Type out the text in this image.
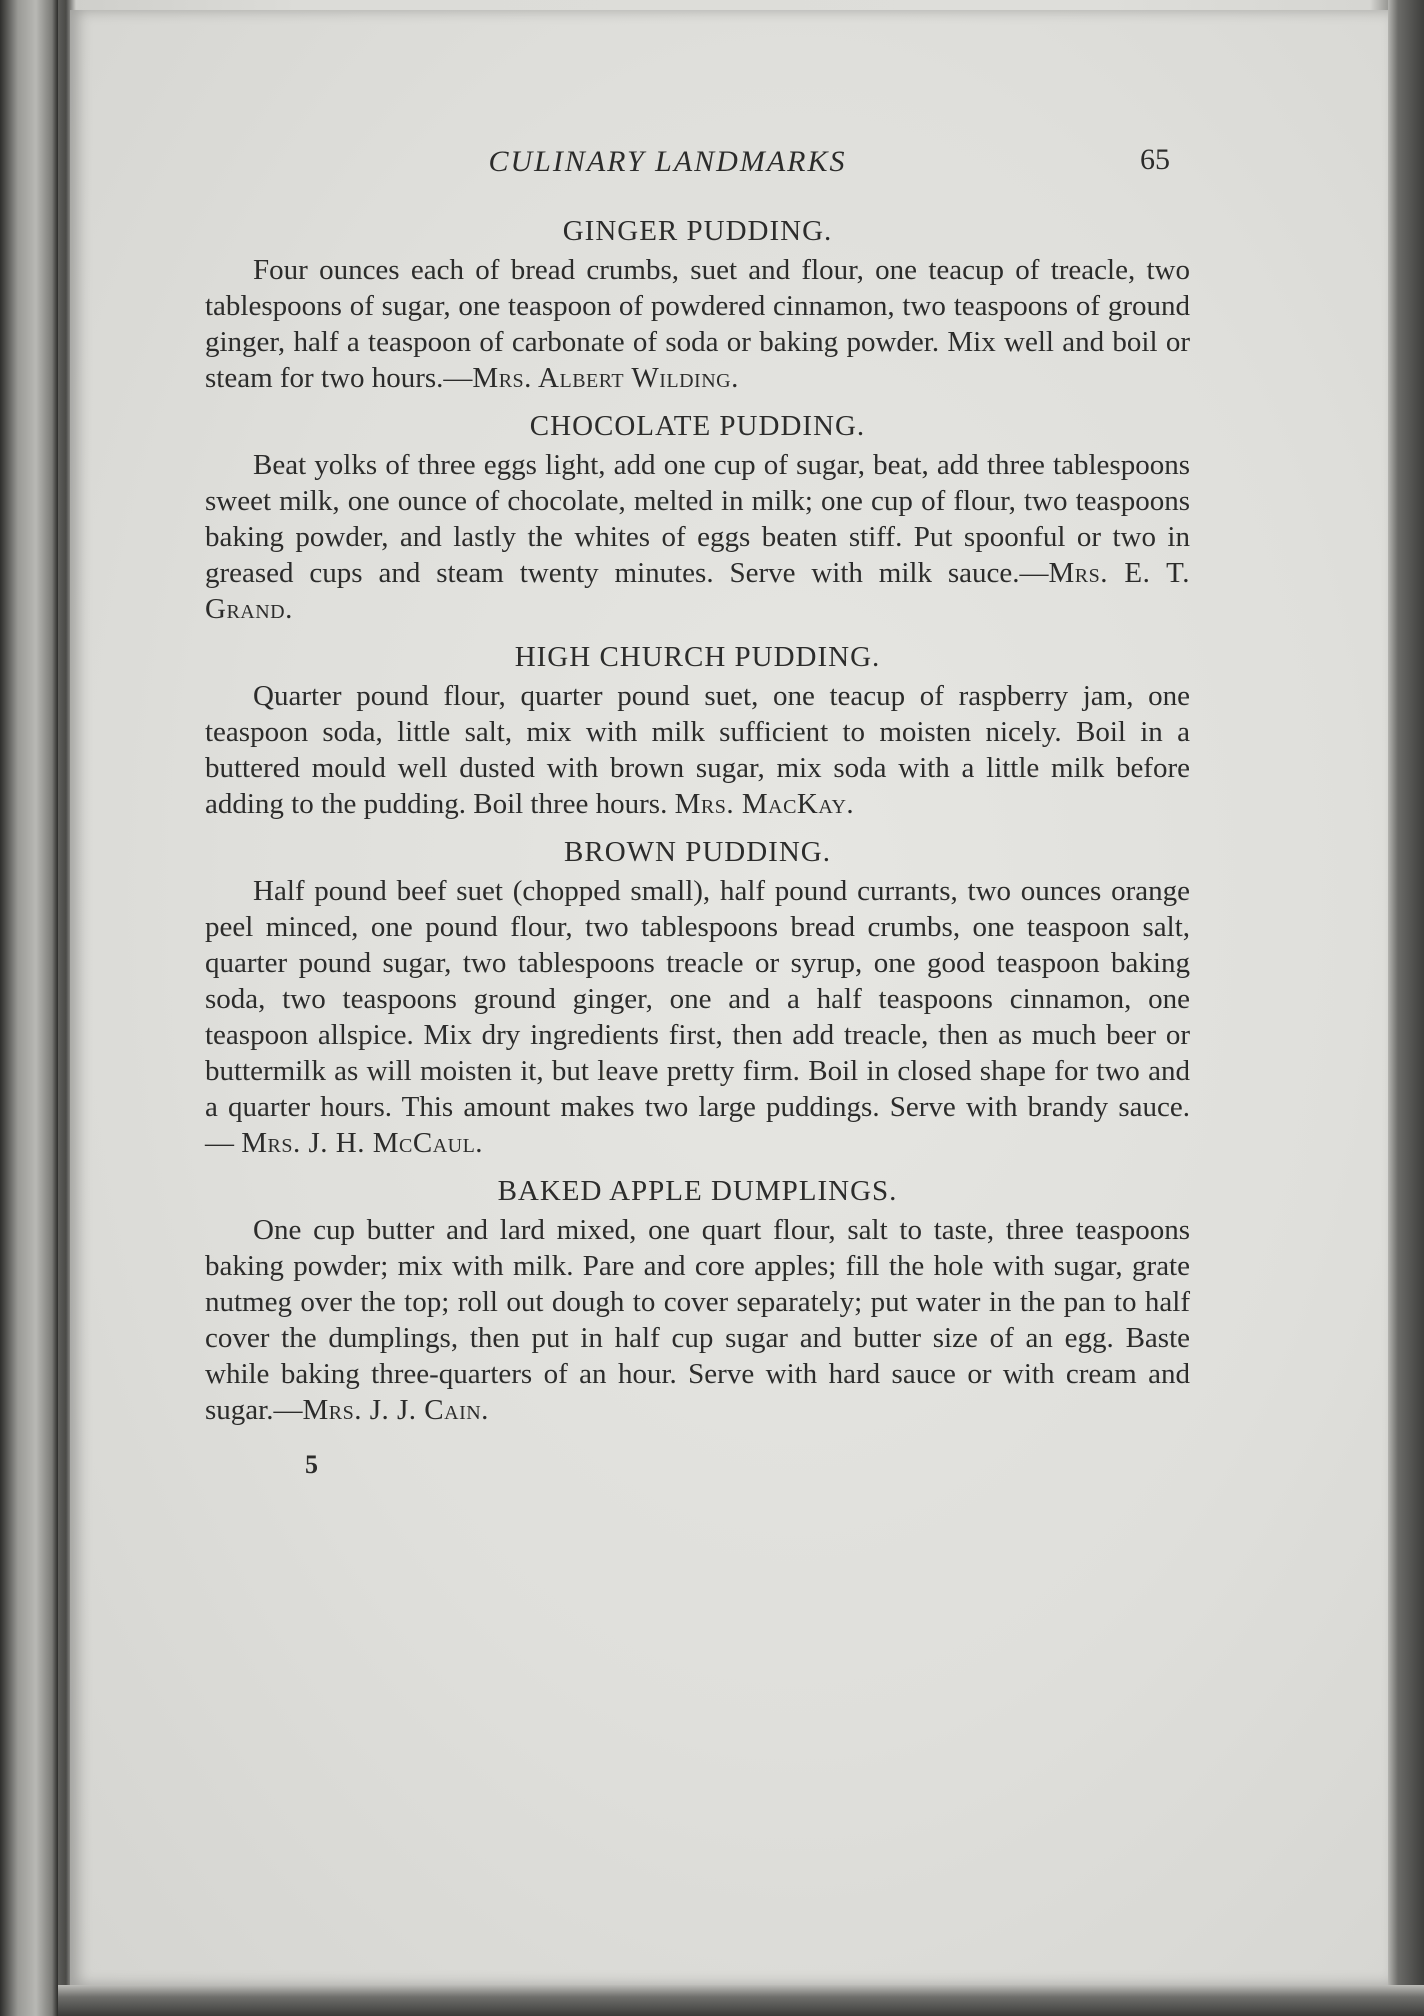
CULINARY LANDMARKS	65
GINGER PUDDING.

Four ounces each of bread crumbs, suet and flour, one teacup of treacle, two tablespoons of sugar, one teaspoon of powdered cinnamon, two teaspoons of ground ginger, half a teaspoon of carbonate of soda or baking powder. Mix well and boil or steam for two hours.—Mrs. Albert Wilding.

CHOCOLATE PUDDING.

Beat yolks of three eggs light, add one cup of sugar, beat, add three tablespoons sweet milk, one ounce of chocolate, melted in milk; one cup of flour, two teaspoons baking powder, and lastly the whites of eggs beaten stiff. Put spoonful or two in greased cups and steam twenty minutes. Serve with milk sauce.—Mrs. E. T. Grand.

HIGH CHURCH PUDDING.

Quarter pound flour, quarter pound suet, one teacup of raspberry jam, one teaspoon soda, little salt, mix with milk sufficient to moisten nicely. Boil in a buttered mould well dusted with brown sugar, mix soda with a little milk before adding to the pudding. Boil three hours. Mrs. MacKay.

BROWN PUDDING.

Half pound beef suet (chopped small), half pound currants, two ounces orange peel minced, one pound flour, two tablespoons bread crumbs, one teaspoon salt, quarter pound sugar, two tablespoons treacle or syrup, one good teaspoon baking soda, two teaspoons ground ginger, one and a half teaspoons cinnamon, one teaspoon allspice. Mix dry ingredients first, then add treacle, then as much beer or buttermilk as will moisten it, but leave pretty firm. Boil in closed shape for two and a quarter hours. This amount makes two large puddings. Serve with brandy sauce. — Mrs. J. H. McCaul.

BAKED APPLE DUMPLINGS.

One cup butter and lard mixed, one quart flour, salt to taste, three teaspoons baking powder; mix with milk. Pare and core apples; fill the hole with sugar, grate nutmeg over the top; roll out dough to cover separately; put water in the pan to half cover the dumplings, then put in half cup sugar and butter size of an egg. Baste while baking three-quarters of an hour. Serve with hard sauce or with cream and sugar.—Mrs. J. J. Cain.

5
